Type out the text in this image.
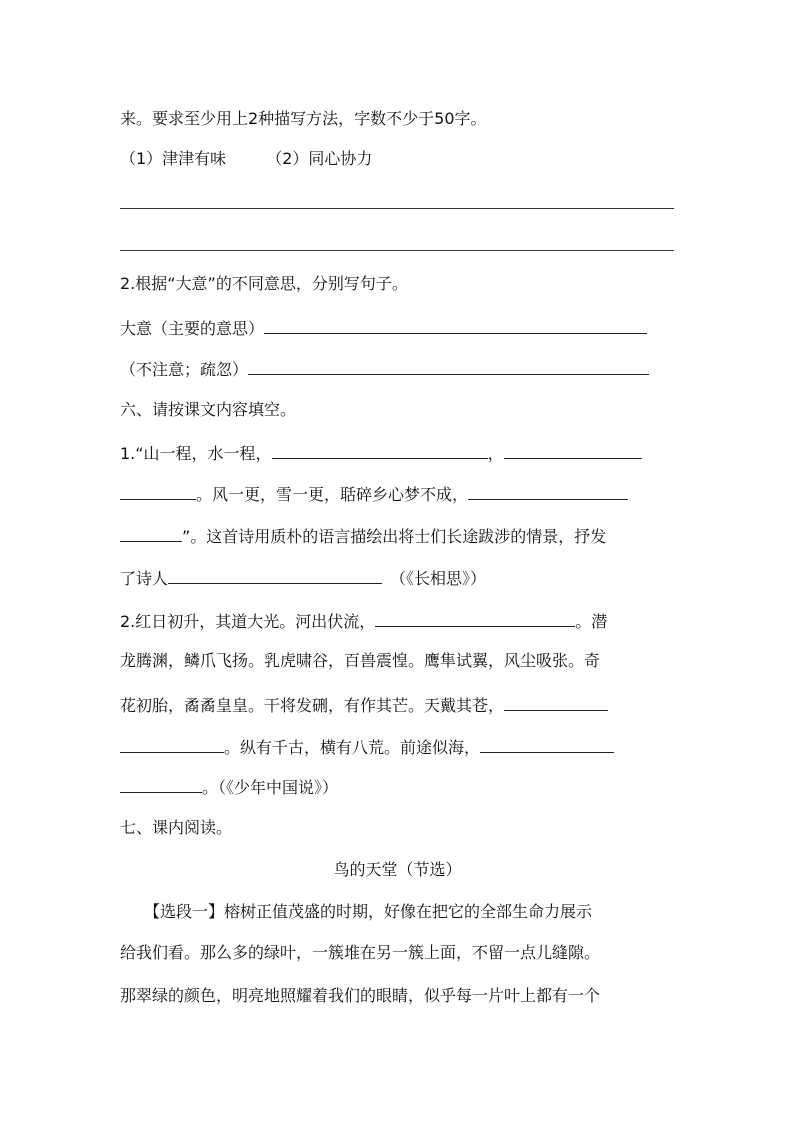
来。要求至少用上2种描写方法，字数不少于50字。
（1）津津有味	（2）同心协力
2.根据“大意”的不同意思，分别写句子。
大意（主要的意思）
（不注意；疏忽）
六、请按课文内容填空。
1.“山一程，水一程，	，
。风一更，雪一更，聒碎乡心梦不成，
”。这首诗用质朴的语言描绘出将士们长途跋涉的情景，抒发
了诗人	（《长相思》）
2.红日初升，其道大光。河出伏流，	。潜
龙腾渊，鳞爪飞扬。乳虎啸谷，百兽震惶。鹰隼试翼，风尘吸张。奇
花初胎，矞矞皇皇。干将发硎，有作其芒。天戴其苍，
。纵有千古，横有八荒。前途似海，
。（《少年中国说》）
七、课内阅读。
鸟的天堂（节选）
【选段一】榕树正值茂盛的时期，好像在把它的全部生命力展示
给我们看。那么多的绿叶，一簇堆在另一簇上面，不留一点儿缝隙。
那翠绿的颜色，明亮地照耀着我们的眼睛，似乎每一片叶上都有一个
